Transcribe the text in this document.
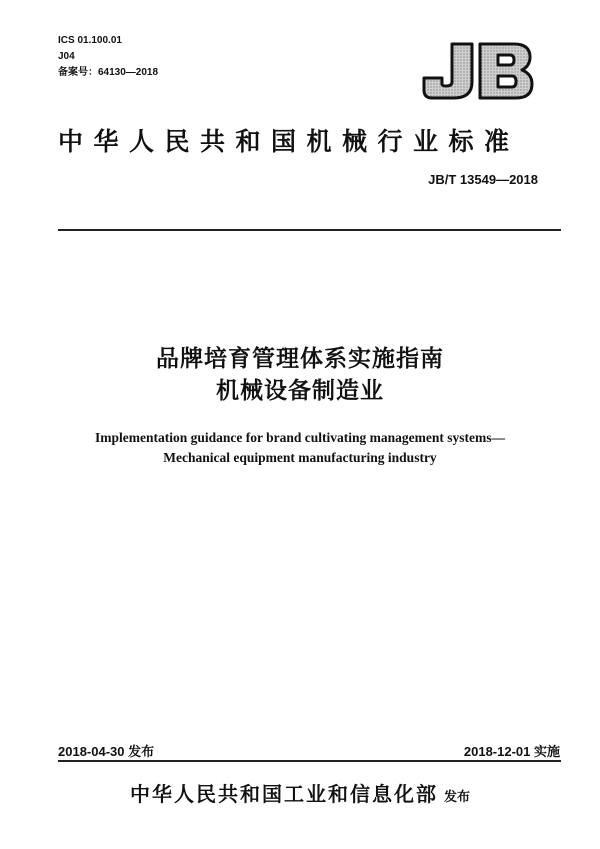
ICS 01.100.01
J04
备案号：64130—2018
中华人民共和国机械行业标准
JB/T 13549—2018
品牌培育管理体系实施指南
机械设备制造业
Implementation guidance for brand cultivating management systems—
Mechanical equipment manufacturing industry
2018-04-30 发布	2018-12-01 实施
中华人民共和国工业和信息化部 发布
